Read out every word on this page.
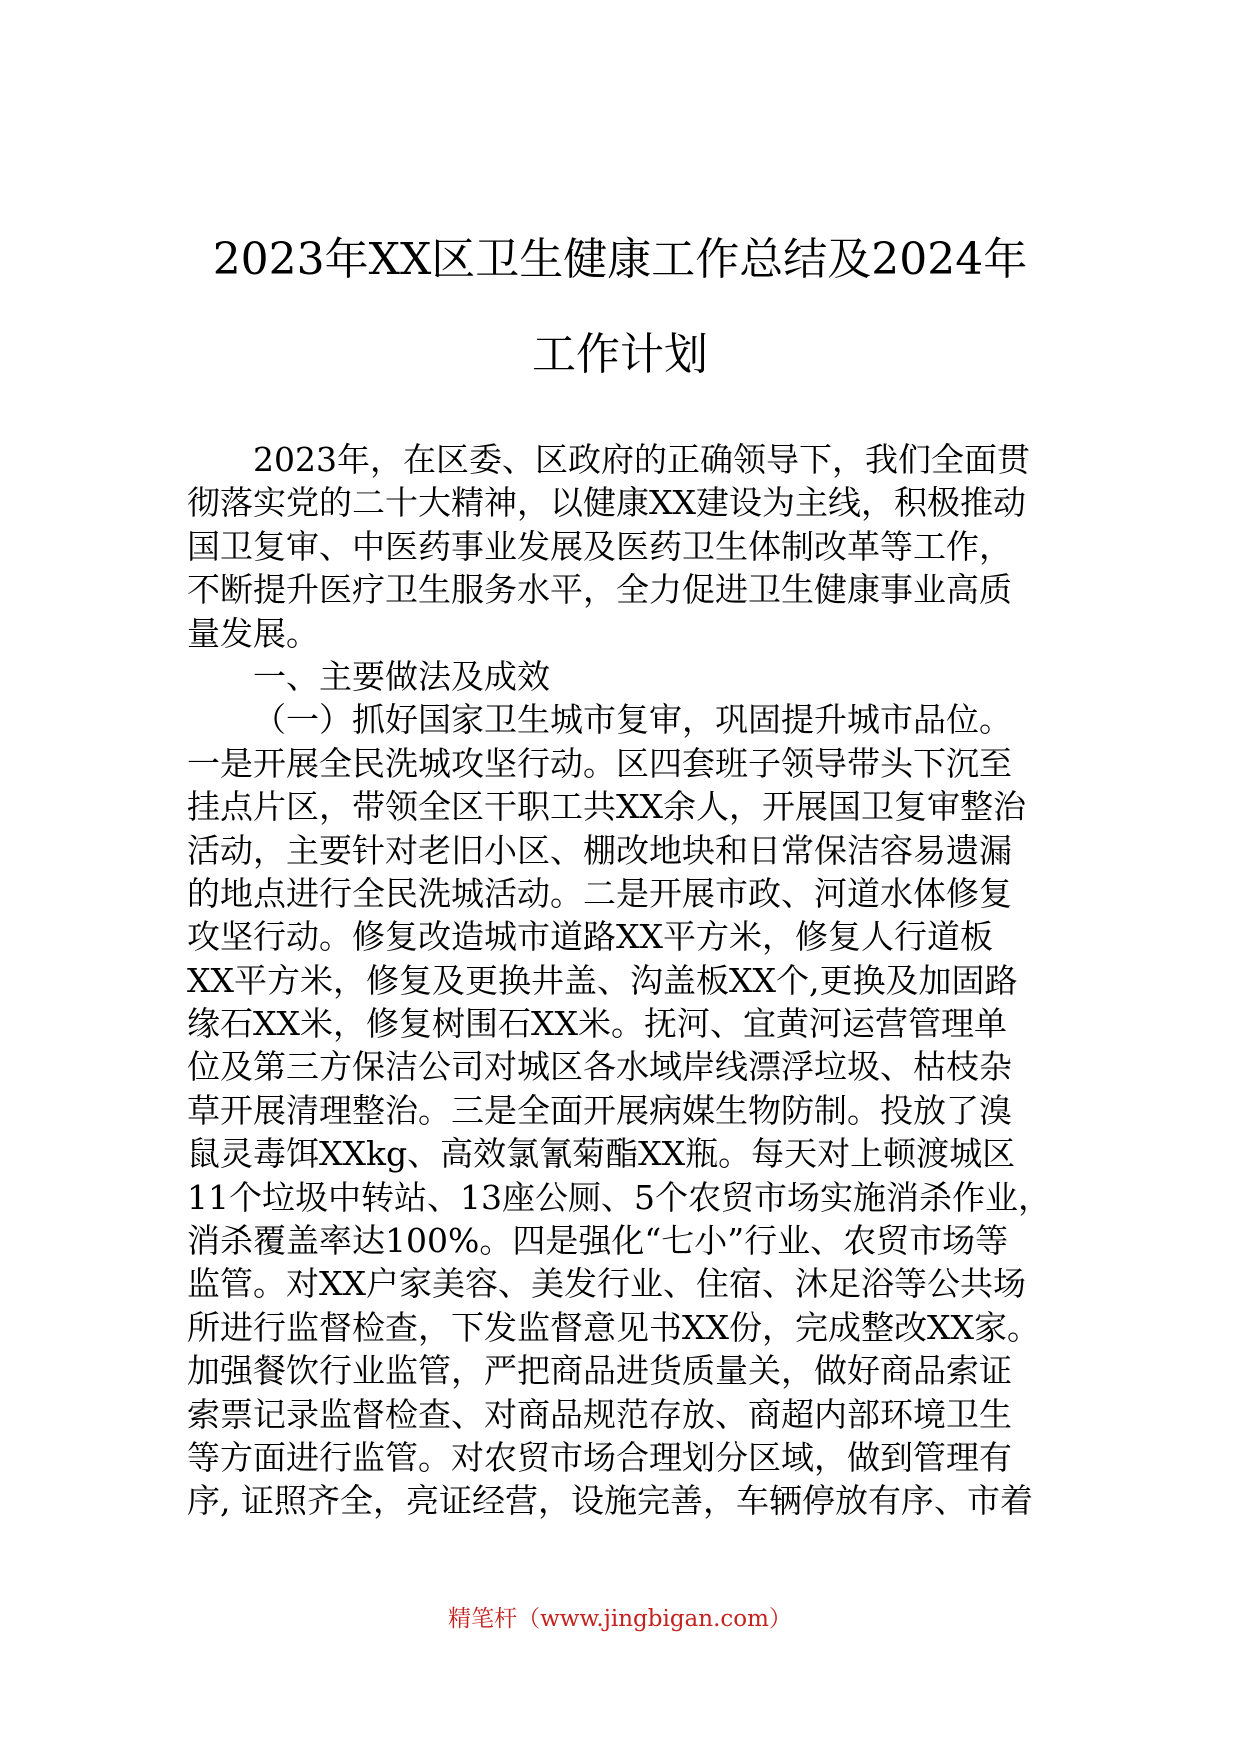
2023年XX区卫生健康工作总结及2024年
工作计划
2023年，在区委、区政府的正确领导下，我们全面贯
彻落实党的二十大精神，以健康XX建设为主线，积极推动
国卫复审、中医药事业发展及医药卫生体制改革等工作，
不断提升医疗卫生服务水平，全力促进卫生健康事业高质
量发展。
一、主要做法及成效
（一）抓好国家卫生城市复审，巩固提升城市品位。
一是开展全民洗城攻坚行动。区四套班子领导带头下沉至
挂点片区，带领全区干职工共XX余人，开展国卫复审整治
活动，主要针对老旧小区、棚改地块和日常保洁容易遗漏
的地点进行全民洗城活动。二是开展市政、河道水体修复
攻坚行动。修复改造城市道路XX平方米，修复人行道板
XX平方米，修复及更换井盖、沟盖板XX个,更换及加固路
缘石XX米，修复树围石XX米。抚河、宜黄河运营管理单
位及第三方保洁公司对城区各水域岸线漂浮垃圾、枯枝杂
草开展清理整治。三是全面开展病媒生物防制。投放了溴
鼠灵毒饵XXkg、高效氯氰菊酯XX瓶。每天对上顿渡城区
11个垃圾中转站、13座公厕、5个农贸市场实施消杀作业，
消杀覆盖率达100%。四是强化“七小”行业、农贸市场等
监管。对XX户家美容、美发行业、住宿、沐足浴等公共场
所进行监督检查，下发监督意见书XX份，完成整改XX家。
加强餐饮行业监管，严把商品进货质量关，做好商品索证
索票记录监督检查、对商品规范存放、商超内部环境卫生
等方面进行监管。对农贸市场合理划分区域，做到管理有
序, 证照齐全，亮证经营，设施完善，车辆停放有序、市着
精笔杆（www.jingbigan.com）
